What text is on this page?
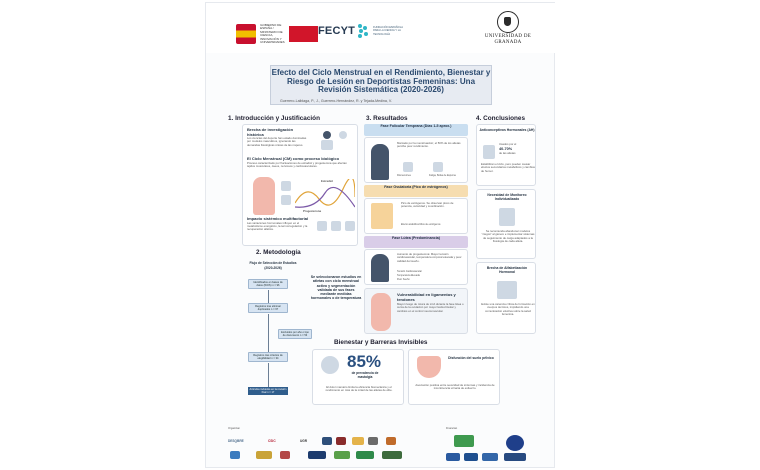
GOBIERNO DE ESPAÑA / MINISTERIO DE CIENCIA, INNOVACIÓN Y UNIVERSIDADES
FECYT	FUNDACIÓN ESPAÑOLA PARA LA CIENCIA Y LA TECNOLOGÍA	UNIVERSIDAD DE GRANADA
Efecto del Ciclo Menstrual en el Rendimiento, Bienestar y Riesgo de Lesión en Deportistas Femeninas: Una Revisión Sistemática (2020-2026)
Guerrero-Laiblaga, P., J., Guerrero-Hernández, R. y Tejada-Medina, V.
1. Introducción y Justificación	3. Resultados	4. Conclusiones
Brecha de investigación histórica
Los ciencias del deporte han estado dominadas por modelos masculinos, ignorando las demandas fisiológicas únicas de las mujeres.
El Ciclo Menstrual (CM) como proceso biológico
Proceso caracterizado por fluctuaciones de estradiol y progesterona que afectan tejidos musculares, óseos, nerviosos y cardiovasculares.
Estradiol
Progesterona
Impacto sistémico multifactorial
Las variaciones hormonales influyen en el metabolismo energético, la termorregulación y la recuperación atlética.
2. Metodología
Flujo de Selección de Estudios (2020-2026)
Identificados en bases de datos (WOS) n = 96
Registros tras eliminar duplicados n = 67
Excluidos por año o tipo de documento n = 53
Registros tras criterios de elegibilidad n = 34
Artículos incluidos en la revisión final n = 17
Se seleccionaron estudios en atletas con ciclo menstrual activo y segmentación validada de sus fases mediante medidas hormonales o de temperatura
Fase Folicular Temprana (Días 1-5 aprox.)
Marcado por la menstruación; el 50% de los atletas percibe peor rendimiento.
Dismenorrea	Fatiga, Bolsa de Espuma
Fase Ovulatoria (Pico de estrógenos)
Pico de estrógenos. Se observan picos de potencia, velocidad y coordinación.
Efecto anabólico/Altos de estrógenos
Fase Lútea (Predominancia)
Aumento de progesterona: Mayor tensión cardiovascular, temperatura corporal elevada y peor calidad del sueño.
Tensión Cardiovascular
Temperatura Elevada
Peor Sueño
Vulnerabilidad en ligamentos y tendones
Mayor riesgo de rotura de LCA durante la fase lútea o cerca de la ovulación por mayor laxitud tisular y cambios en el control neuromuscular.
Anticonceptivos Hormonales (AH)
Usados por el
40-70%
de las atletas
Estabilizan el ciclo, pero pueden causar efectos secundarios metabólicos y cambios de humor.
Necesidad de Monitoreo Individualizado
Se recomienda abandonar modelos "ciegos" al género e implementar sistemas de seguimiento de carga adaptados a la fisiología de cada atleta.
Brecha de Alfabetización Hormonal
Existe una carencia crítica de formación en cuerpos técnicos, impidiendo una comunicación efectiva sobre la salud femenina.
Bienestar y Barreras Invisibles
85%
de prevalencia de mastalgia
El dolor mamario limita la eficiencia biomecánica y el rendimiento en más de la mitad de las atletas de élite.
Disfunción del suelo pélvico
Asociación positiva entre severidad de síntomas y incidencia de incontinencia urinaria de esfuerzo.
Organizan	Financian
DESQBRE	CSIC	UGR
